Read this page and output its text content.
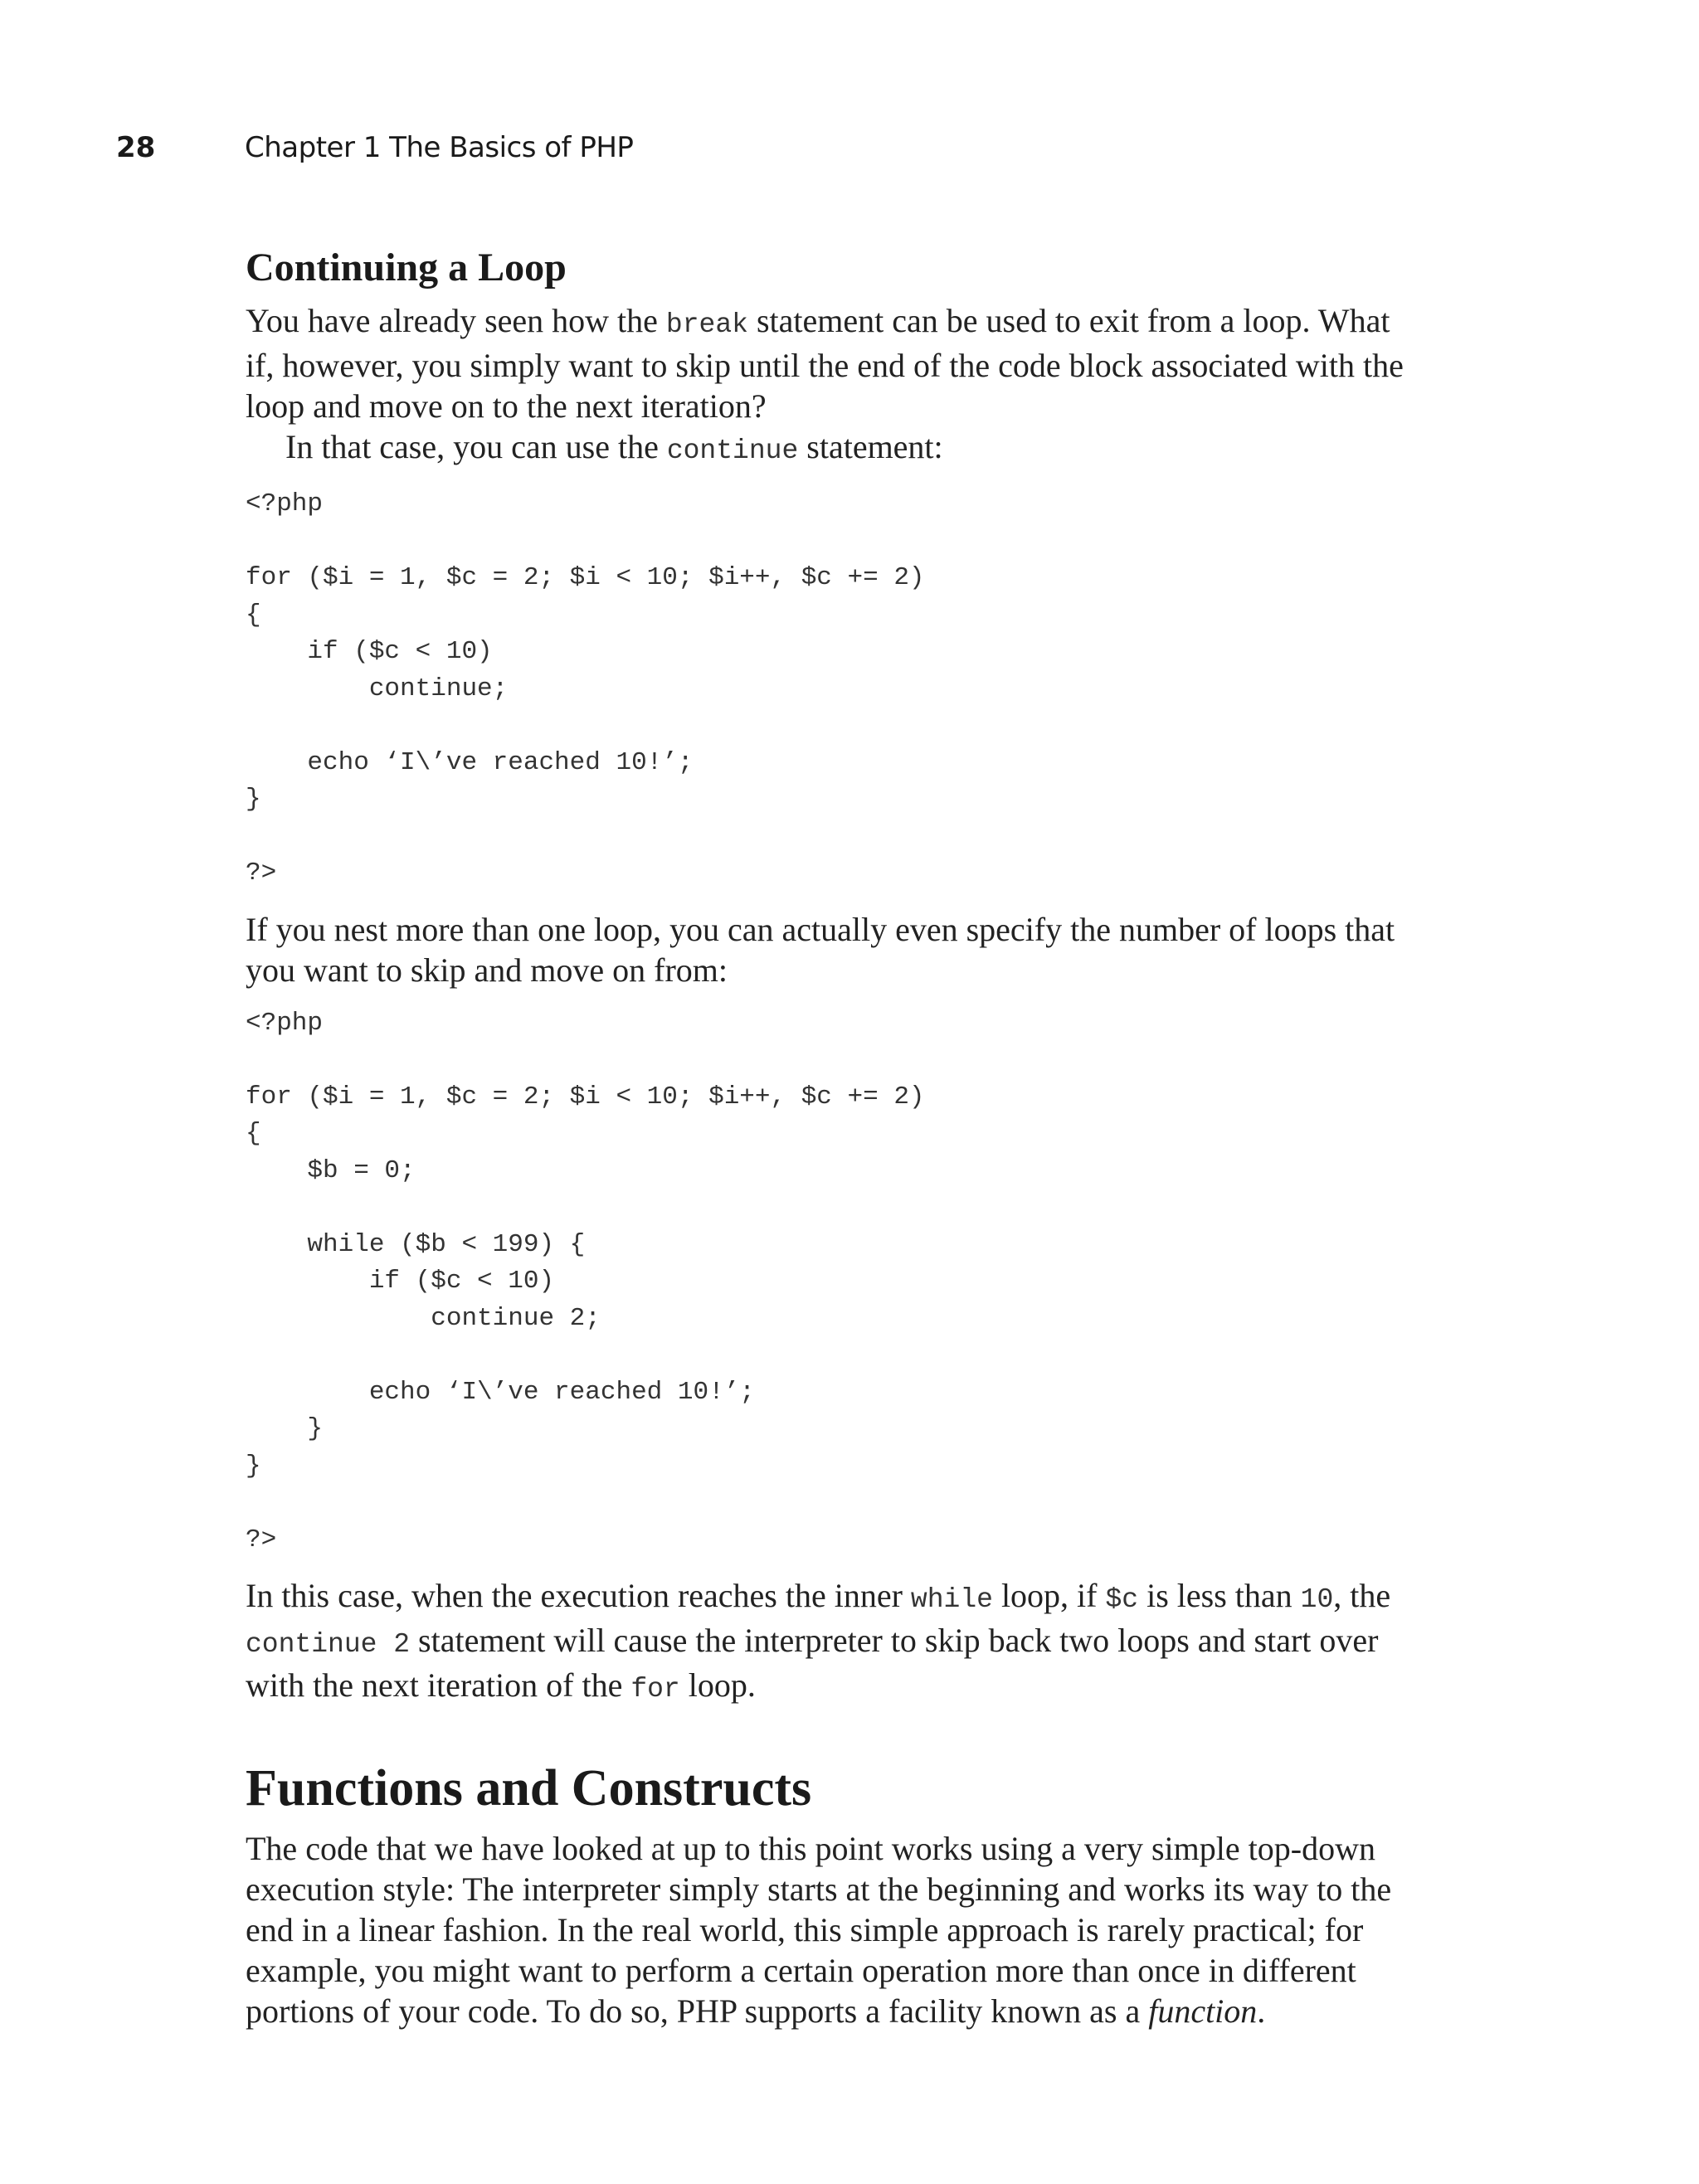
28	Chapter 1 The Basics of PHP
Continuing a Loop

You have already seen how the break statement can be used to exit from a loop. What if, however, you simply want to skip until the end of the code block associated with the loop and move on to the next iteration?

In that case, you can use the continue statement:

<?php

for ($i = 1, $c = 2; $i < 10; $i++, $c += 2)
{
if ($c < 10)
continue;

echo ‘I\’ve reached 10!’;
}

?>

If you nest more than one loop, you can actually even specify the number of loops that you want to skip and move on from:

<?php

for ($i = 1, $c = 2; $i < 10; $i++, $c += 2)
{
$b = 0;

while ($b < 199) {
if ($c < 10)
continue 2;

echo ‘I\’ve reached 10!’;
}
}

?>

In this case, when the execution reaches the inner while loop, if $c is less than 10, the continue 2 statement will cause the interpreter to skip back two loops and start over with the next iteration of the for loop.

Functions and Constructs

The code that we have looked at up to this point works using a very simple top-down execution style: The interpreter simply starts at the beginning and works its way to the end in a linear fashion. In the real world, this simple approach is rarely practical; for example, you might want to perform a certain operation more than once in different portions of your code. To do so, PHP supports a facility known as a function.
